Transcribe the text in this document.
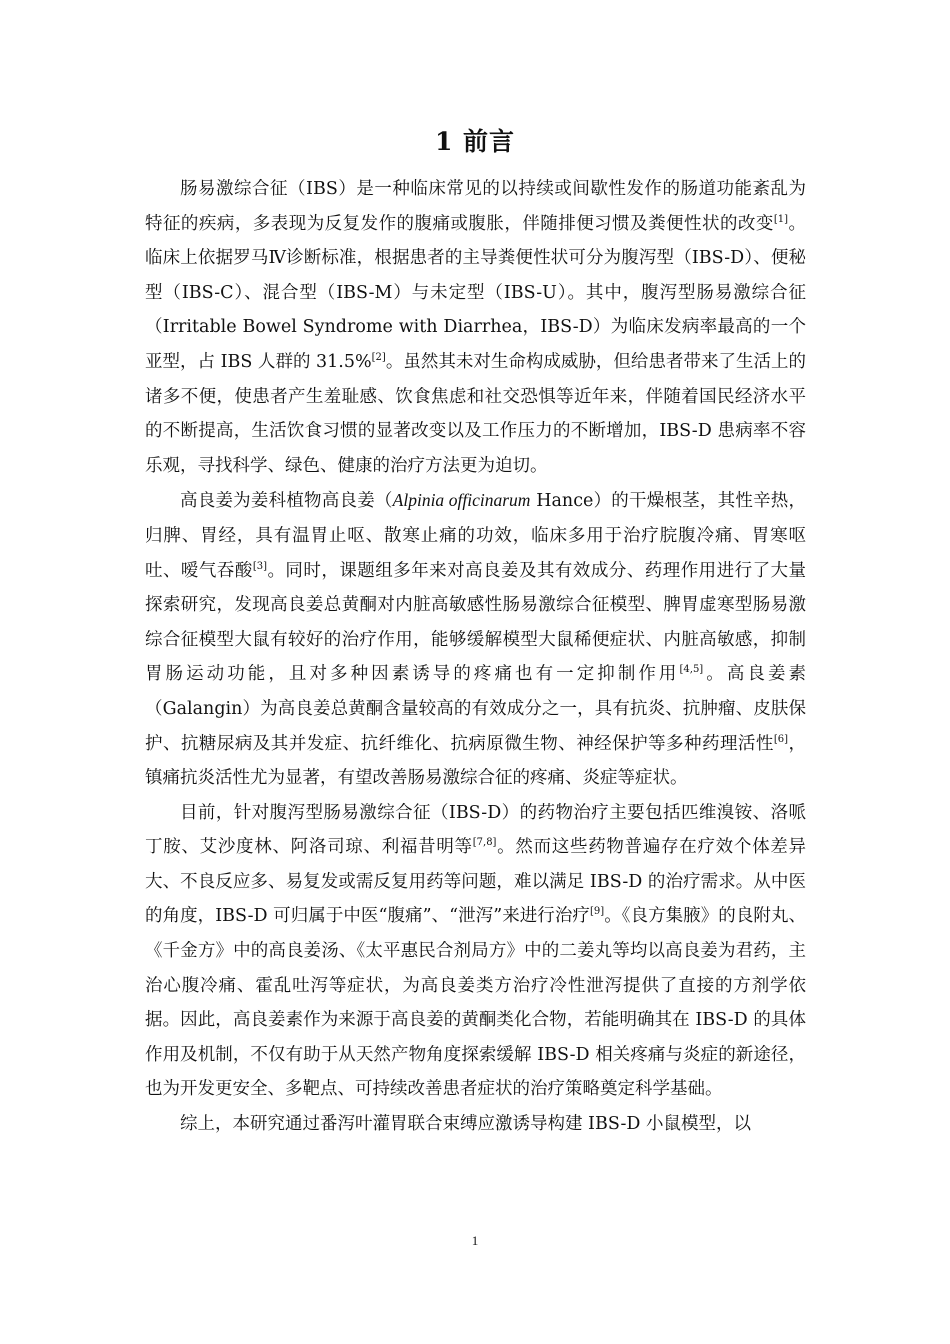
1 前言

肠易激综合征（IBS）是一种临床常见的以持续或间歇性发作的肠道功能紊乱为特征的疾病，多表现为反复发作的腹痛或腹胀，伴随排便习惯及粪便性状的改变[1]。临床上依据罗马Ⅳ诊断标准，根据患者的主导粪便性状可分为腹泻型（IBS-D）、便秘型（IBS-C）、混合型（IBS-M）与未定型（IBS-U）。其中，腹泻型肠易激综合征（Irritable Bowel Syndrome with Diarrhea，IBS-D）为临床发病率最高的一个亚型，占 IBS 人群的 31.5%[2]。虽然其未对生命构成威胁，但给患者带来了生活上的诸多不便，使患者产生羞耻感、饮食焦虑和社交恐惧等近年来，伴随着国民经济水平的不断提高，生活饮食习惯的显著改变以及工作压力的不断增加，IBS-D 患病率不容乐观，寻找科学、绿色、健康的治疗方法更为迫切。

高良姜为姜科植物高良姜（Alpinia officinarum Hance）的干燥根茎，其性辛热，归脾、胃经，具有温胃止呕、散寒止痛的功效，临床多用于治疗脘腹冷痛、胃寒呕吐、嗳气吞酸[3]。同时，课题组多年来对高良姜及其有效成分、药理作用进行了大量探索研究，发现高良姜总黄酮对内脏高敏感性肠易激综合征模型、脾胃虚寒型肠易激综合征模型大鼠有较好的治疗作用，能够缓解模型大鼠稀便症状、内脏高敏感，抑制胃肠运动功能，且对多种因素诱导的疼痛也有一定抑制作用[4,5]。高良姜素（Galangin）为高良姜总黄酮含量较高的有效成分之一，具有抗炎、抗肿瘤、皮肤保护、抗糖尿病及其并发症、抗纤维化、抗病原微生物、神经保护等多种药理活性[6]，镇痛抗炎活性尤为显著，有望改善肠易激综合征的疼痛、炎症等症状。

目前，针对腹泻型肠易激综合征（IBS-D）的药物治疗主要包括匹维溴铵、洛哌丁胺、艾沙度林、阿洛司琼、利福昔明等[7,8]。然而这些药物普遍存在疗效个体差异大、不良反应多、易复发或需反复用药等问题，难以满足 IBS-D 的治疗需求。从中医的角度，IBS-D 可归属于中医“腹痛”、“泄泻”来进行治疗[9]。《良方集腋》的良附丸、《千金方》中的高良姜汤、《太平惠民合剂局方》中的二姜丸等均以高良姜为君药，主治心腹冷痛、霍乱吐泻等症状，为高良姜类方治疗冷性泄泻提供了直接的方剂学依据。因此，高良姜素作为来源于高良姜的黄酮类化合物，若能明确其在 IBS-D 的具体作用及机制，不仅有助于从天然产物角度探索缓解 IBS-D 相关疼痛与炎症的新途径，也为开发更安全、多靶点、可持续改善患者症状的治疗策略奠定科学基础。

综上，本研究通过番泻叶灌胃联合束缚应激诱导构建 IBS-D 小鼠模型，以

1
